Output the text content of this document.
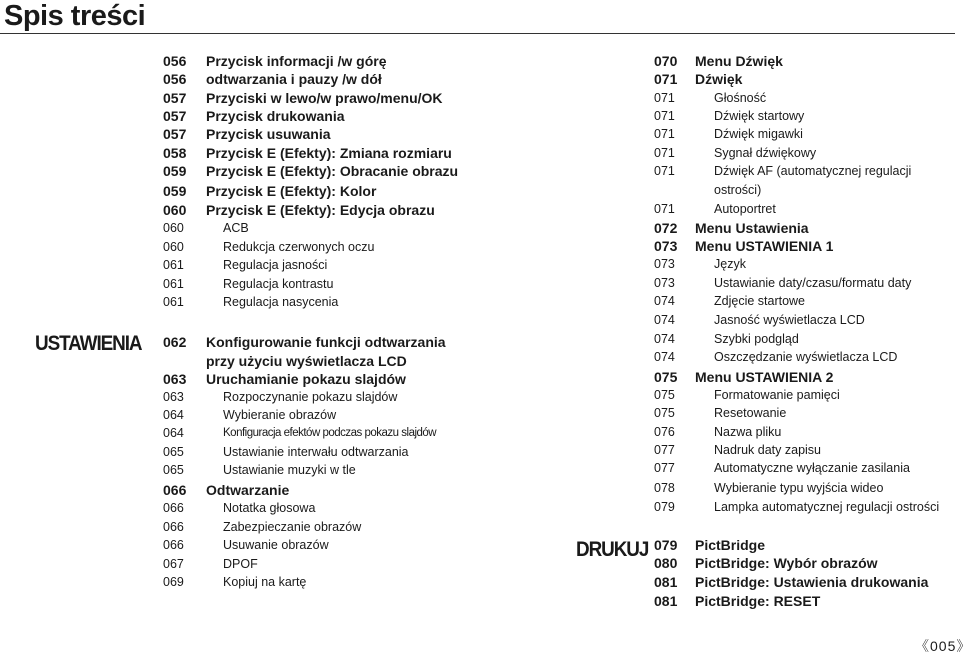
Spis treści
USTAWIENIA
DRUKUJ
056 Przycisk informacji /w górę
056 odtwarzania i pauzy /w dół
057 Przyciski w lewo/w prawo/menu/OK
057 Przycisk drukowania
057 Przycisk usuwania
058 Przycisk E (Efekty): Zmiana rozmiaru
059 Przycisk E (Efekty): Obracanie obrazu
059 Przycisk E (Efekty): Kolor
060 Przycisk E (Efekty): Edycja obrazu
060	ACB
060	Redukcja czerwonych oczu
061	Regulacja jasności
061	Regulacja kontrastu
061	Regulacja nasycenia
062 Konfigurowanie funkcji odtwarzania
przy użyciu wyświetlacza LCD
063 Uruchamianie pokazu slajdów
063	Rozpoczynanie pokazu slajdów
064	Wybieranie obrazów
064	Konfiguracja efektów podczas pokazu slajdów
065	Ustawianie interwału odtwarzania
065	Ustawianie muzyki w tle
066 Odtwarzanie
066	Notatka głosowa
066	Zabezpieczanie obrazów
066	Usuwanie obrazów
067	DPOF
069	Kopiuj na kartę
070 Menu Dźwięk
071 Dźwięk
071	Głośność
071	Dźwięk startowy
071	Dźwięk migawki
071	Sygnał dźwiękowy
071	Dźwięk AF (automatycznej regulacji
ostrości)
071	Autoportret
072 Menu Ustawienia
073 Menu USTAWIENIA 1
073	Język
073	Ustawianie daty/czasu/formatu daty
074	Zdjęcie startowe
074	Jasność wyświetlacza LCD
074	Szybki podgląd
074	Oszczędzanie wyświetlacza LCD
075 Menu USTAWIENIA 2
075	Formatowanie pamięci
075	Resetowanie
076	Nazwa pliku
077	Nadruk daty zapisu
077	Automatyczne wyłączanie zasilania
078	Wybieranie typu wyjścia wideo
079	Lampka automatycznej regulacji ostrości
079 PictBridge
080 PictBridge: Wybór obrazów
081 PictBridge: Ustawienia drukowania
081 PictBridge: RESET
《005》
